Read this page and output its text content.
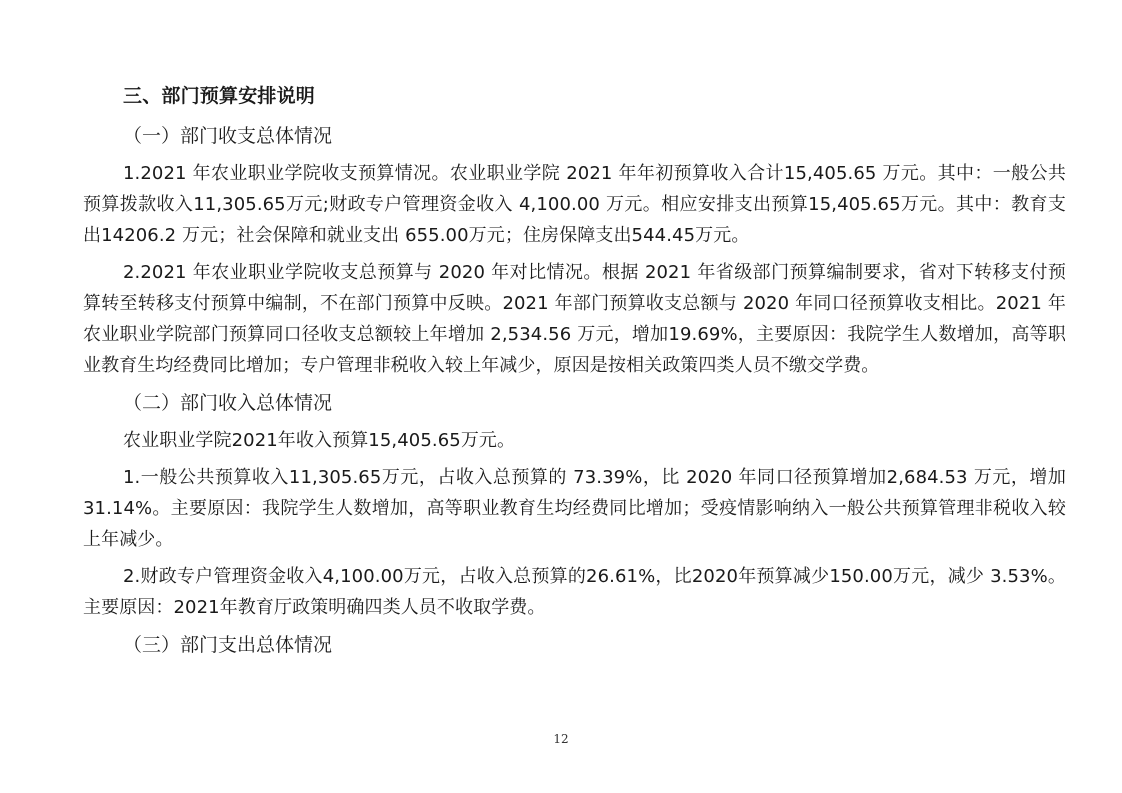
三、部门预算安排说明
（一）部门收支总体情况

1.2021 年农业职业学院收支预算情况。农业职业学院 2021 年年初预算收入合计15,405.65 万元。其中：一般公共预算拨款收入11,305.65万元;财政专户管理资金收入 4,100.00 万元。相应安排支出预算15,405.65万元。其中：教育支出14206.2 万元；社会保障和就业支出 655.00万元；住房保障支出544.45万元。

2.2021 年农业职业学院收支总预算与 2020 年对比情况。根据 2021 年省级部门预算编制要求，省对下转移支付预算转至转移支付预算中编制，不在部门预算中反映。2021 年部门预算收支总额与 2020 年同口径预算收支相比。2021 年农业职业学院部门预算同口径收支总额较上年增加 2,534.56 万元，增加19.69%，主要原因：我院学生人数增加，高等职业教育生均经费同比增加；专户管理非税收入较上年减少，原因是按相关政策四类人员不缴交学费。

（二）部门收入总体情况

农业职业学院2021年收入预算15,405.65万元。

1.一般公共预算收入11,305.65万元，占收入总预算的 73.39%，比 2020 年同口径预算增加2,684.53 万元，增加 31.14%。主要原因：我院学生人数增加，高等职业教育生均经费同比增加；受疫情影响纳入一般公共预算管理非税收入较上年减少。

2.财政专户管理资金收入4,100.00万元，占收入总预算的26.61%，比2020年预算减少150.00万元，减少 3.53%。主要原因：2021年教育厅政策明确四类人员不收取学费。

（三）部门支出总体情况
12
